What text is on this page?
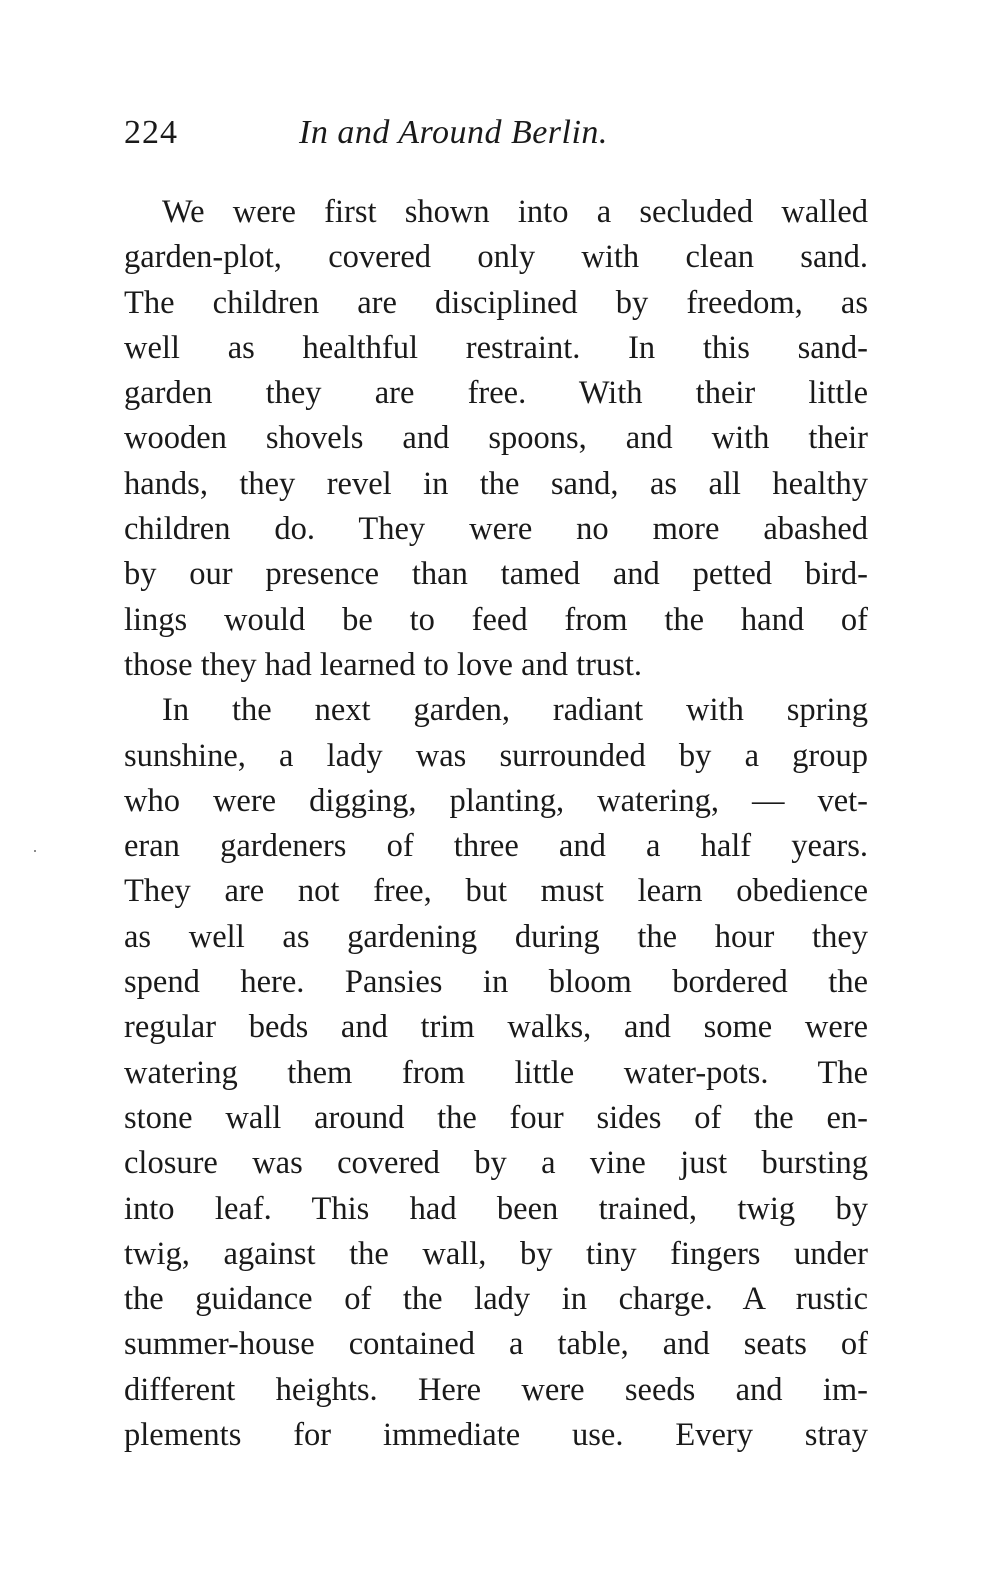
224	In and Around Berlin.
We were first shown into a secluded walled
garden-plot, covered only with clean sand.
The children are disciplined by freedom, as
well as healthful restraint. In this sand-
garden they are free. With their little
wooden shovels and spoons, and with their
hands, they revel in the sand, as all healthy
children do. They were no more abashed
by our presence than tamed and petted bird-
lings would be to feed from the hand of
those they had learned to love and trust.
In the next garden, radiant with spring
sunshine, a lady was surrounded by a group
who were digging, planting, watering, — vet-
eran gardeners of three and a half years.
They are not free, but must learn obedience
as well as gardening during the hour they
spend here. Pansies in bloom bordered the
regular beds and trim walks, and some were
watering them from little water-pots. The
stone wall around the four sides of the en-
closure was covered by a vine just bursting
into leaf. This had been trained, twig by
twig, against the wall, by tiny fingers under
the guidance of the lady in charge. A rustic
summer-house contained a table, and seats of
different heights. Here were seeds and im-
plements for immediate use. Every stray
